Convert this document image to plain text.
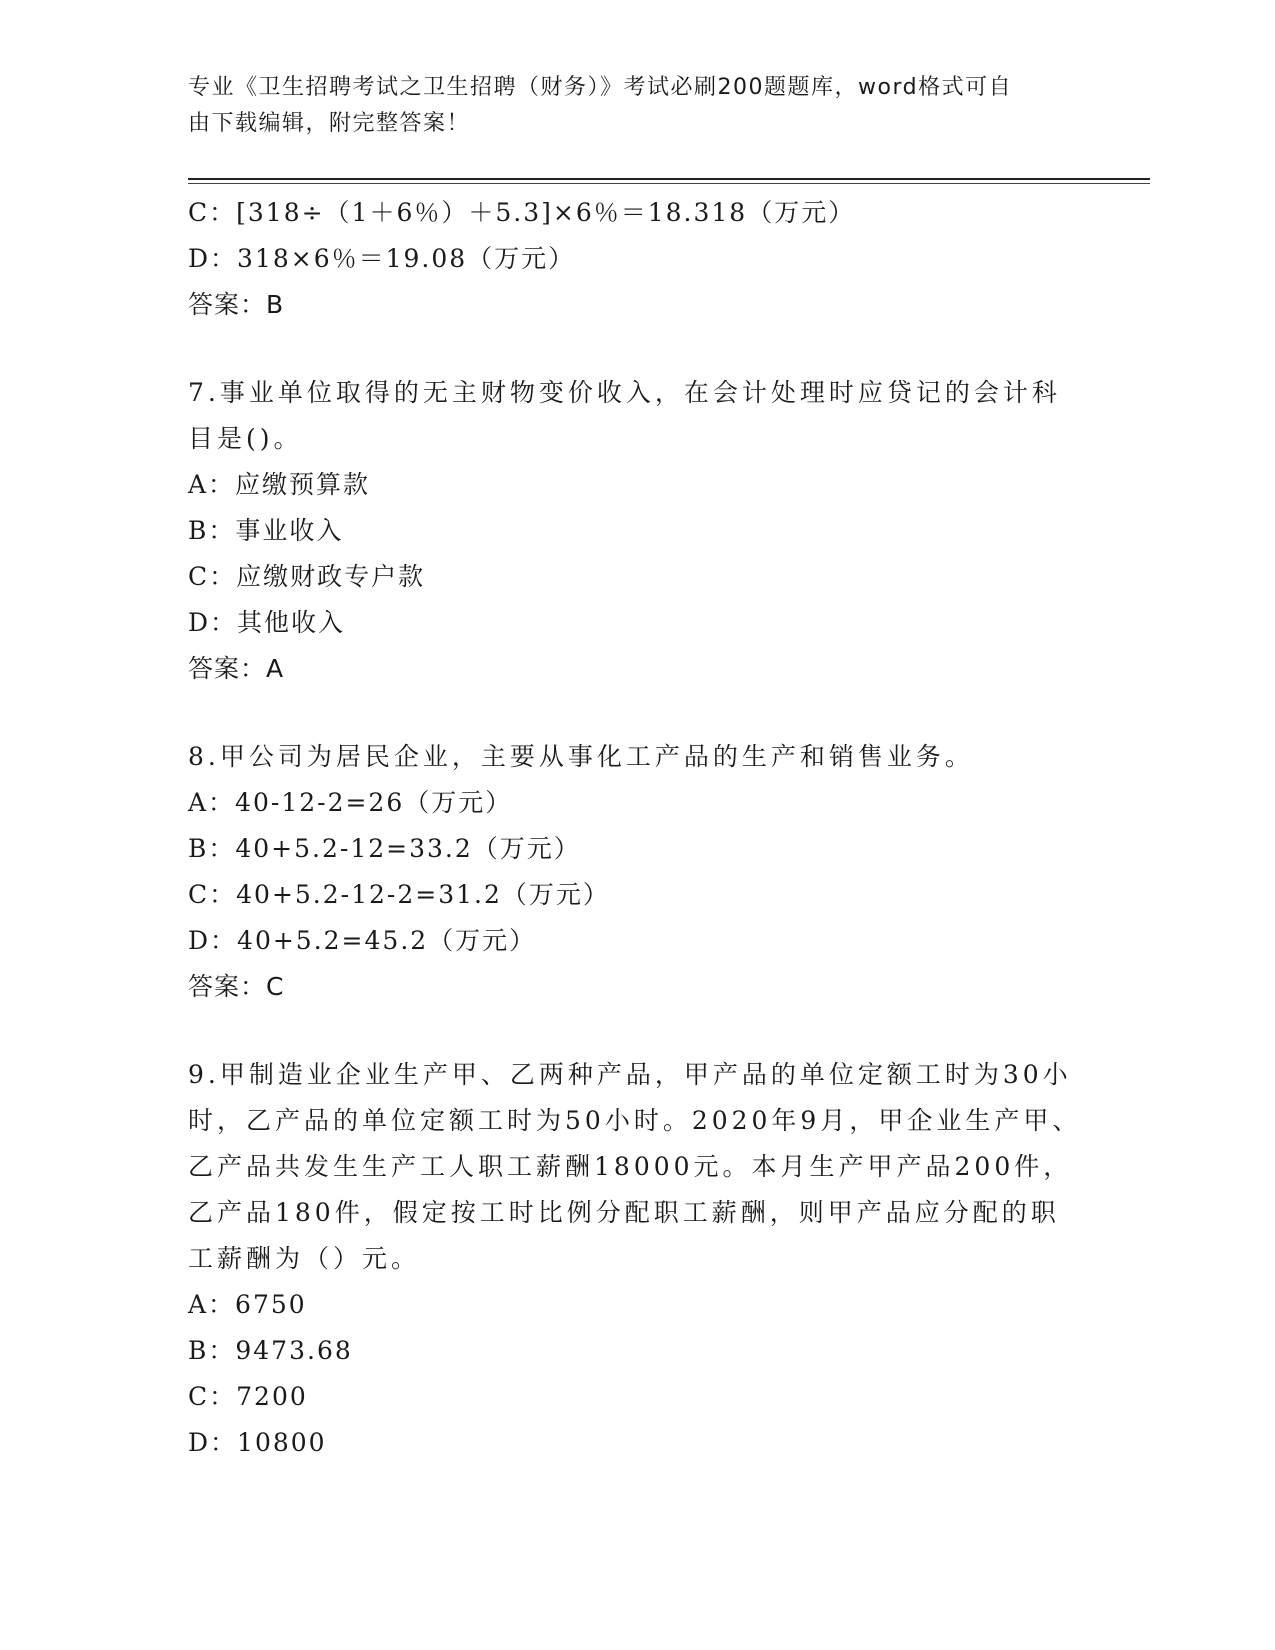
专业《卫生招聘考试之卫生招聘（财务）》考试必刷200题题库，word格式可自
由下载编辑，附完整答案！
C：[318÷（1＋6％）＋5.3]×6％＝18.318（万元）
D：318×6％＝19.08（万元）
答案：B
7.事业单位取得的无主财物变价收入，在会计处理时应贷记的会计科
目是()。
A：应缴预算款
B：事业收入
C：应缴财政专户款
D：其他收入
答案：A
8.甲公司为居民企业，主要从事化工产品的生产和销售业务。
A：40-12-2=26（万元）
B：40+5.2-12=33.2（万元）
C：40+5.2-12-2=31.2（万元）
D：40+5.2=45.2（万元）
答案：C
9.甲制造业企业生产甲、乙两种产品，甲产品的单位定额工时为30小
时，乙产品的单位定额工时为50小时。2020年9月，甲企业生产甲、
乙产品共发生生产工人职工薪酬18000元。本月生产甲产品200件，
乙产品180件，假定按工时比例分配职工薪酬，则甲产品应分配的职
工薪酬为（）元。
A：6750
B：9473.68
C：7200
D：10800
